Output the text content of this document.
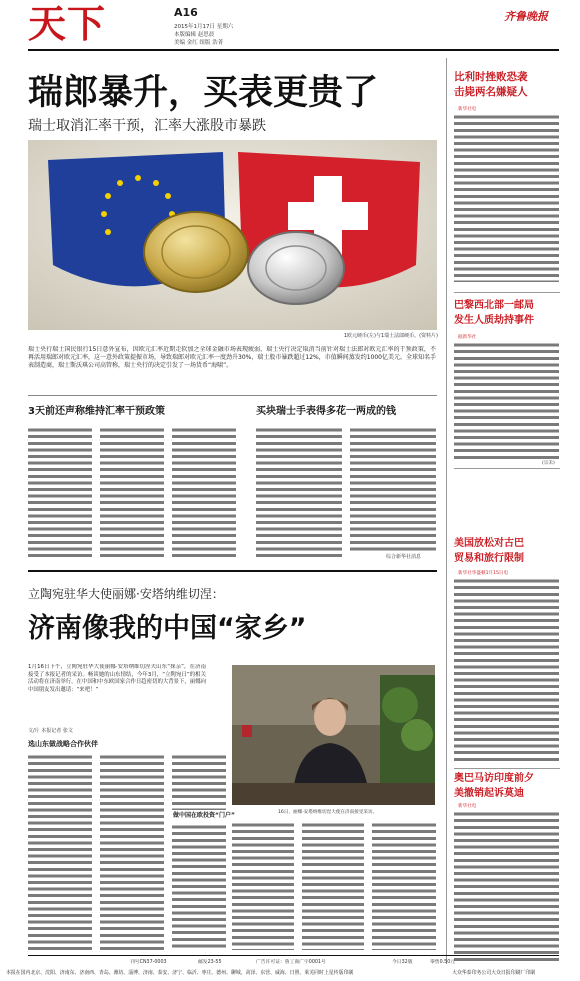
天下	A16
2015年1月17日 星期六
本版编辑 赵思晨
美编 金红 组版 浩菁
齐鲁晚报
瑞郎暴升，买表更贵了
瑞士取消汇率干预，汇率大涨股市暴跌
1欧元硬币(左)与1瑞士法郎硬币。(资料片)
瑞士央行瑞士国民银行15日意外宣布，因欧元汇率近期走软加之全球金融市场表现疲弱，瑞士央行决定取消当前针对瑞士法郎对欧元汇率的干预政策，不再活用瑞郎对欧元汇率，这一意外政策提振市场，导致瑞郎对欧元汇率一度劲升30%，瑞士股市暴跌超过12%，市值瞬间蒸发约1000亿美元。全球知名手表制造商，瑞士斯沃琪公司高管称，瑞士央行的决定引发了一场货币“海啸”。
3天前还声称维持汇率干预政策	买块瑞士手表得多花一两成的钱
综合新华社消息
立陶宛驻华大使丽娜·安塔纳维切涅：
济南像我的中国“家乡”
1月16日下午，立陶宛驻华大使丽娜·安塔纳维切涅夫山东“探亲”，在济南接受了本报记者的采访。畅谈她的山东情结，今年3月，“立陶宛日”的相关活动将在济南举行，在中国和中东欧国家合作日趋密切的大背景下，丽娜向中国朋友发出邀请：“来吧！”
16日，丽娜·安塔纳维切涅大使在济南接受采访。
文/片 本报记者 张文
选山东做战略合作伙伴
做中国在欧投资“门户”
比利时挫败恐袭
击毙两名嫌疑人
新华社电
巴黎西北部一邮局
发生人质劫持事件
据新华社
(宗禾)
美国放松对古巴
贸易和旅行限制
新华社华盛顿1月15日电
奥巴马访印度前夕
美撤销起诉莫迪
新华社电
刊号CN37-0003	邮发23-55	广告许可证：鲁工商广字0001号	今日32版	零售0.50元
本报在国内北京、沈阳、济南东、济南西、青岛、潍坊、淄博、济南、泰安、济宁、临沂、枣庄、德州、聊城、菏泽、东营、威海、日照、莱芜同时上星传版印刷	大众华泰印务公司大众日报印刷厂印刷
